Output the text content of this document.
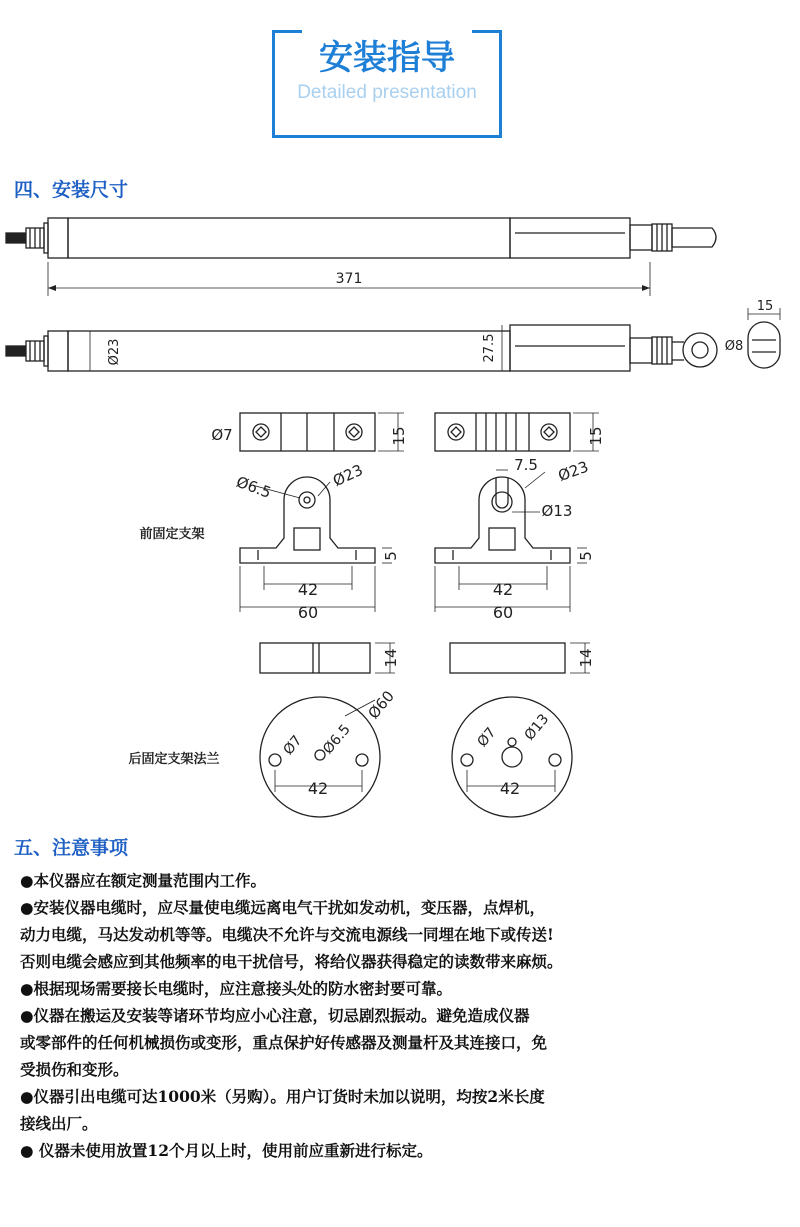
安装指导
Detailed presentation
四、安装尺寸
371
Ø23	27.5
15
Ø8
Ø7	15	15
Ø6.5	Ø23
5
42
60
7.5 Ø23
Ø13
5
42
60
前固定支架
14	14
Ø60
Ø7 Ø6.5
42
Ø7 Ø13
42
后固定支架法兰
五、注意事项
●本仪器应在额定测量范围内工作。
●安装仪器电缆时，应尽量使电缆远离电气干扰如发动机，变压器，点焊机，
动力电缆，马达发动机等等。电缆决不允许与交流电源线一同埋在地下或传送!
否则电缆会感应到其他频率的电干扰信号，将给仪器获得稳定的读数带来麻烦。
●根据现场需要接长电缆时，应注意接头处的防水密封要可靠。
●仪器在搬运及安装等诸环节均应小心注意，切忌剧烈振动。避免造成仪器
或零部件的任何机械损伤或变形，重点保护好传感器及测量杆及其连接口，免
受损伤和变形。
●仪器引出电缆可达1000米（另购）。用户订货时未加以说明，均按2米长度
接线出厂。
● 仪器未使用放置12个月以上时，使用前应重新进行标定。
